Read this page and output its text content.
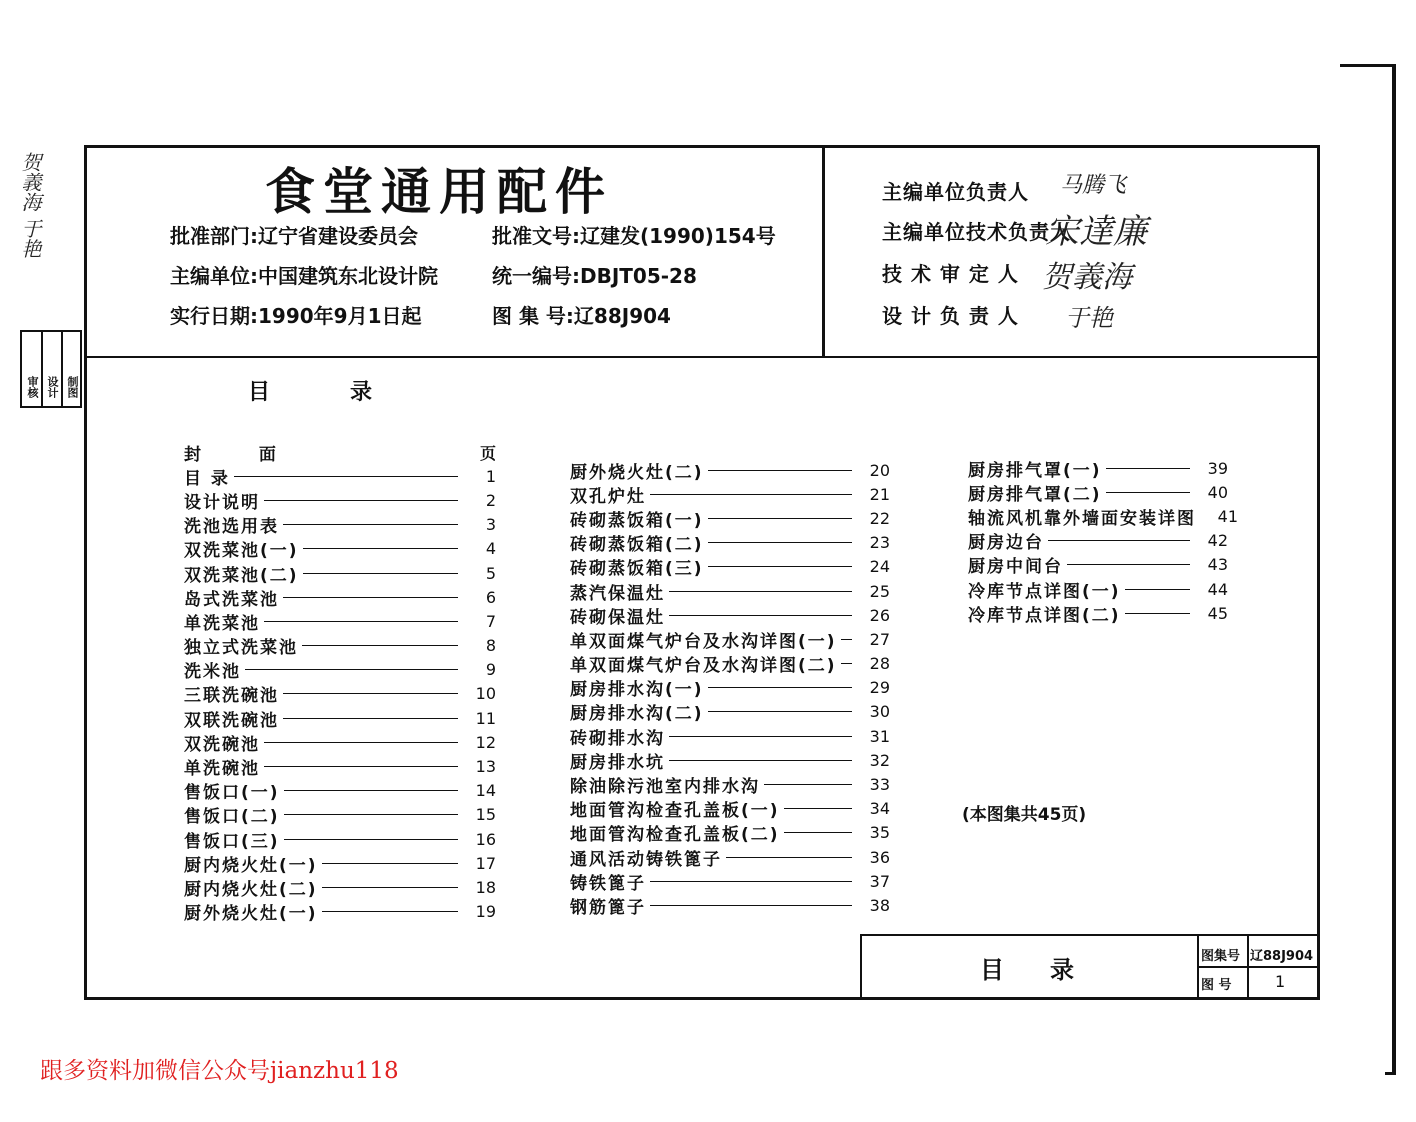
食堂通用配件
批准部门:辽宁省建设委员会	批准文号:辽建发(1990)154号
主编单位:中国建筑东北设计院	统一编号:DBJT05-28
实行日期:1990年9月1日起	图 集 号:辽88J904
主编单位负责人 马腾飞
主编单位技术负责人
宋達廉
技 术 审 定 人 贺義海
设 计 负 责 人 于艳
目录
封 面	页
目 录	1
设计说明	2
洗池选用表	3
双洗菜池(一)	4
双洗菜池(二)	5
岛式洗菜池	6
单洗菜池	7
独立式洗菜池	8
洗米池	9
三联洗碗池	10
双联洗碗池	11
双洗碗池	12
单洗碗池	13
售饭口(一)	14
售饭口(二)	15
售饭口(三)	16
厨内烧火灶(一)	17
厨内烧火灶(二)	18
厨外烧火灶(一)	19
厨外烧火灶(二)	20
双孔炉灶	21
砖砌蒸饭箱(一)	22
砖砌蒸饭箱(二)	23
砖砌蒸饭箱(三)	24
蒸汽保温灶	25
砖砌保温灶	26
单双面煤气炉台及水沟详图(一)	27
单双面煤气炉台及水沟详图(二)	28
厨房排水沟(一)	29
厨房排水沟(二)	30
砖砌排水沟	31
厨房排水坑	32
除油除污池室内排水沟	33
地面管沟检查孔盖板(一)	34
地面管沟检查孔盖板(二)	35
通风活动铸铁篦子	36
铸铁篦子	37
钢筋篦子	38
厨房排气罩(一)	39
厨房排气罩(二)	40
轴流风机靠外墙面安装详图	41
厨房边台	42
厨房中间台	43
冷库节点详图(一)	44
冷库节点详图(二)	45
(本图集共45页)
目录	图集号 辽88J904
图 号	1
贺義海 于艳
审核 设计 制图
跟多资料加微信公众号jianzhu118
